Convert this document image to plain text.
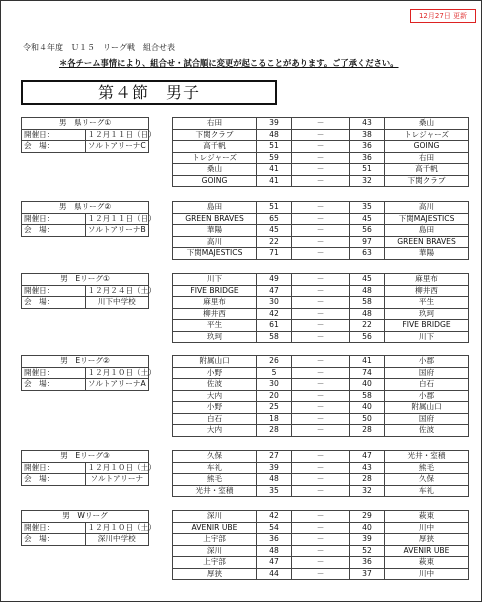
12月27日 更新
令和４年度　Ｕ１５　リーグ戦　組合せ表
＊各チーム事情により、組合せ・試合順に変更が起こることがあります。ご了承ください。
第４節　男子
男　県リーグ①	
開催日：	１２月１１日（日）
会　場：	ソルトアリーナC
右田	39	－	43	桑山
下関クラブ	48	－	38	トレジャーズ
高千帆	51	－	36	GOING
トレジャーズ	59	－	36	右田
桑山	41	－	51	高千帆
GOING	41	－	32	下関クラブ
男　県リーグ②	
開催日：	１２月１１日（日）
会　場：	ソルトアリーナB
島田	51	－	35	高川
GREEN BRAVES	65	－	45	下関MAJESTICS
華陽	45	－	56	島田
高川	22	－	97	GREEN BRAVES
下関MAJESTICS	71	－	63	華陽
男　Eリーグ①	
開催日：	１２月２４日（土）
会　場：	川下中学校
川下	49	－	45	麻里布
FIVE BRIDGE	47	－	48	柳井西
麻里布	30	－	58	平生
柳井西	42	－	48	玖珂
平生	61	－	22	FIVE BRIDGE
玖珂	58	－	56	川下
男　Eリーグ②	
開催日：	１２月１０日（土）
会　場：	ソルトアリーナA
附属山口	26	－	41	小郡
小野	5	－	74	国府
佐波	30	－	40	白石
大内	20	－	58	小郡
小野	25	－	40	附属山口
白石	18	－	50	国府
大内	28	－	28	佐波
男　Eリーグ③	
開催日：	１２月１０日（土）
会　場：	ソルトアリーナ
久保	27	－	47	光井・室積
车礼	39	－	43	熊毛
熊毛	48	－	28	久保
光井・室積	35	－	32	车礼
男　Wリーグ	
開催日：	１２月１０日（土）
会　場：	深川中学校
深川	42	－	29	萩東
AVENIR UBE	54	－	40	川中
上宇部	36	－	39	厚狭
深川	48	－	52	AVENIR UBE
上宇部	47	－	36	萩東
厚狭	44	－	37	川中
